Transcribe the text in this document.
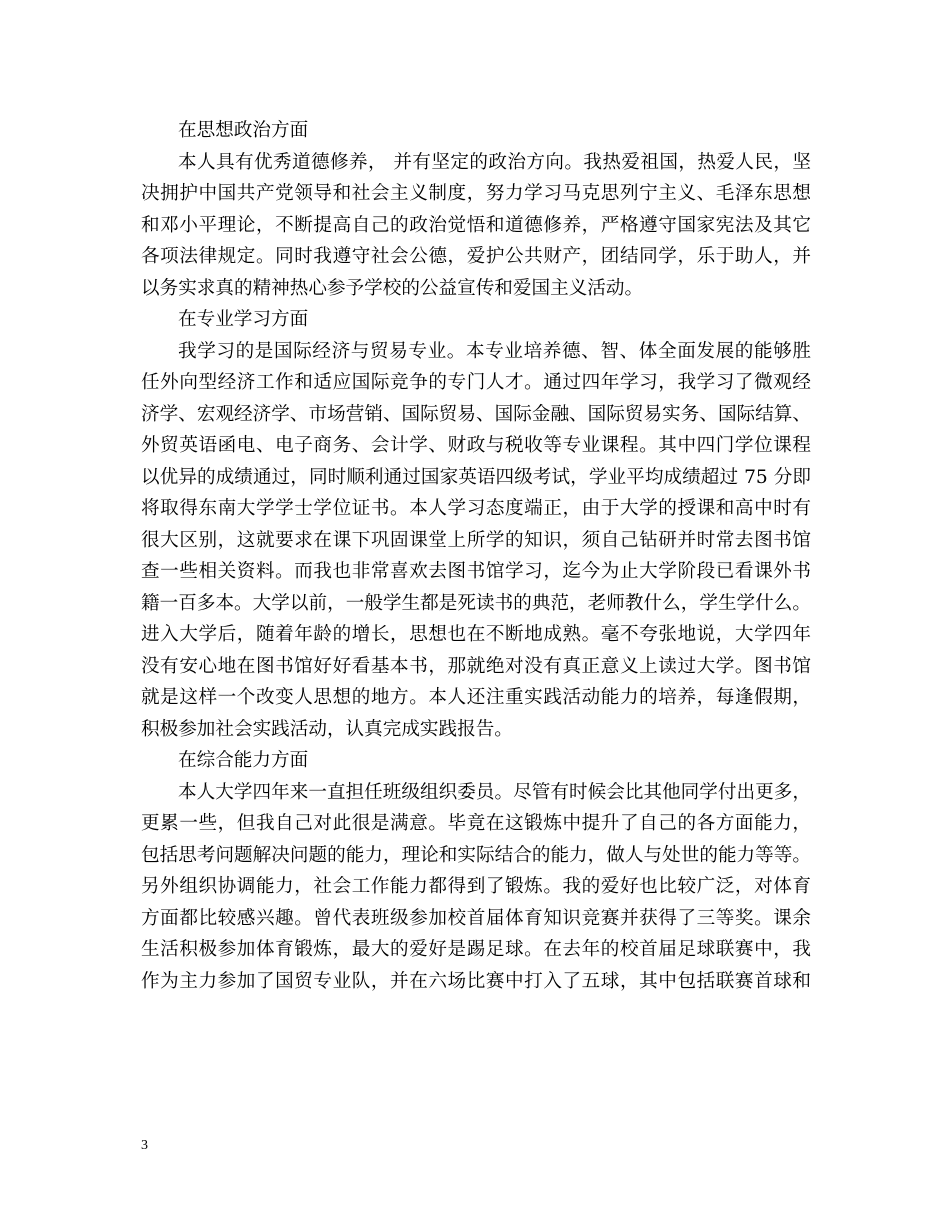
在思想政治方面
本人具有优秀道德修养， 并有坚定的政治方向。我热爱祖国，热爱人民，坚
决拥护中国共产党领导和社会主义制度，努力学习马克思列宁主义、毛泽东思想
和邓小平理论，不断提高自己的政治觉悟和道德修养，严格遵守国家宪法及其它
各项法律规定。同时我遵守社会公德，爱护公共财产，团结同学，乐于助人，并
以务实求真的精神热心参予学校的公益宣传和爱国主义活动。
在专业学习方面
我学习的是国际经济与贸易专业。本专业培养德、智、体全面发展的能够胜
任外向型经济工作和适应国际竞争的专门人才。通过四年学习，我学习了微观经
济学、宏观经济学、市场营销、国际贸易、国际金融、国际贸易实务、国际结算、
外贸英语函电、电子商务、会计学、财政与税收等专业课程。其中四门学位课程
以优异的成绩通过，同时顺利通过国家英语四级考试，学业平均成绩超过 75 分即
将取得东南大学学士学位证书。本人学习态度端正，由于大学的授课和高中时有
很大区别，这就要求在课下巩固课堂上所学的知识，须自己钻研并时常去图书馆
查一些相关资料。而我也非常喜欢去图书馆学习，迄今为止大学阶段已看课外书
籍一百多本。大学以前，一般学生都是死读书的典范，老师教什么，学生学什么。
进入大学后，随着年龄的增长，思想也在不断地成熟。毫不夸张地说，大学四年
没有安心地在图书馆好好看基本书，那就绝对没有真正意义上读过大学。图书馆
就是这样一个改变人思想的地方。本人还注重实践活动能力的培养，每逢假期，
积极参加社会实践活动，认真完成实践报告。
在综合能力方面
本人大学四年来一直担任班级组织委员。尽管有时候会比其他同学付出更多，
更累一些，但我自己对此很是满意。毕竟在这锻炼中提升了自己的各方面能力，
包括思考问题解决问题的能力，理论和实际结合的能力，做人与处世的能力等等。
另外组织协调能力，社会工作能力都得到了锻炼。我的爱好也比较广泛，对体育
方面都比较感兴趣。曾代表班级参加校首届体育知识竞赛并获得了三等奖。课余
生活积极参加体育锻炼，最大的爱好是踢足球。在去年的校首届足球联赛中，我
作为主力参加了国贸专业队，并在六场比赛中打入了五球，其中包括联赛首球和
3
